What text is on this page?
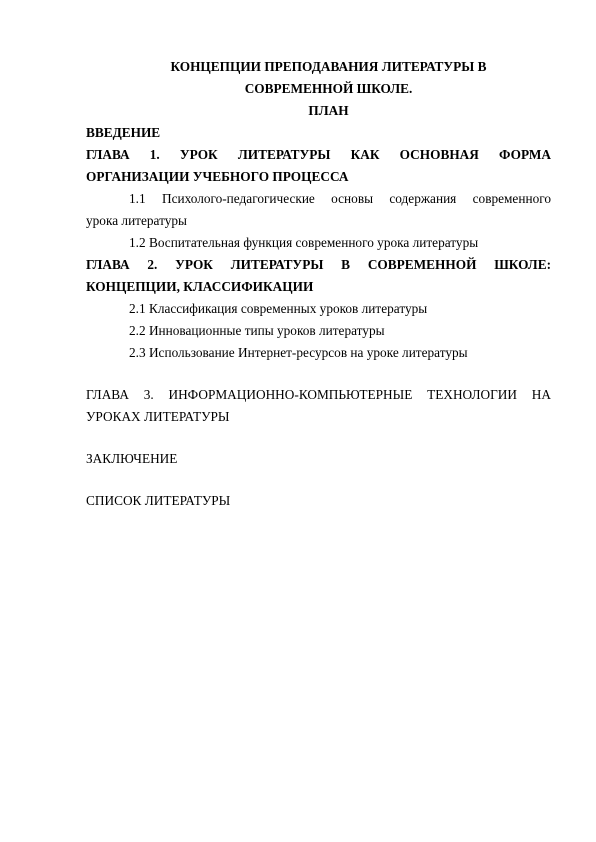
КОНЦЕПЦИИ ПРЕПОДАВАНИЯ ЛИТЕРАТУРЫ В
СОВРЕМЕННОЙ ШКОЛЕ.
ПЛАН
ВВЕДЕНИЕ
ГЛАВА 1. УРОК ЛИТЕРАТУРЫ КАК ОСНОВНАЯ ФОРМА
ОРГАНИЗАЦИИ УЧЕБНОГО ПРОЦЕССА
1.1 Психолого-педагогические основы содержания современного
урока литературы
1.2 Воспитательная функция современного урока литературы
ГЛАВА 2. УРОК ЛИТЕРАТУРЫ В СОВРЕМЕННОЙ ШКОЛЕ:
КОНЦЕПЦИИ, КЛАССИФИКАЦИИ
2.1 Классификация современных уроков литературы
2.2 Инновационные типы уроков литературы
2.3 Использование Интернет-ресурсов на уроке литературы
ГЛАВА 3. ИНФОРМАЦИОННО-КОМПЬЮТЕРНЫЕ ТЕХНОЛОГИИ НА
УРОКАХ ЛИТЕРАТУРЫ
ЗАКЛЮЧЕНИЕ
СПИСОК ЛИТЕРАТУРЫ
